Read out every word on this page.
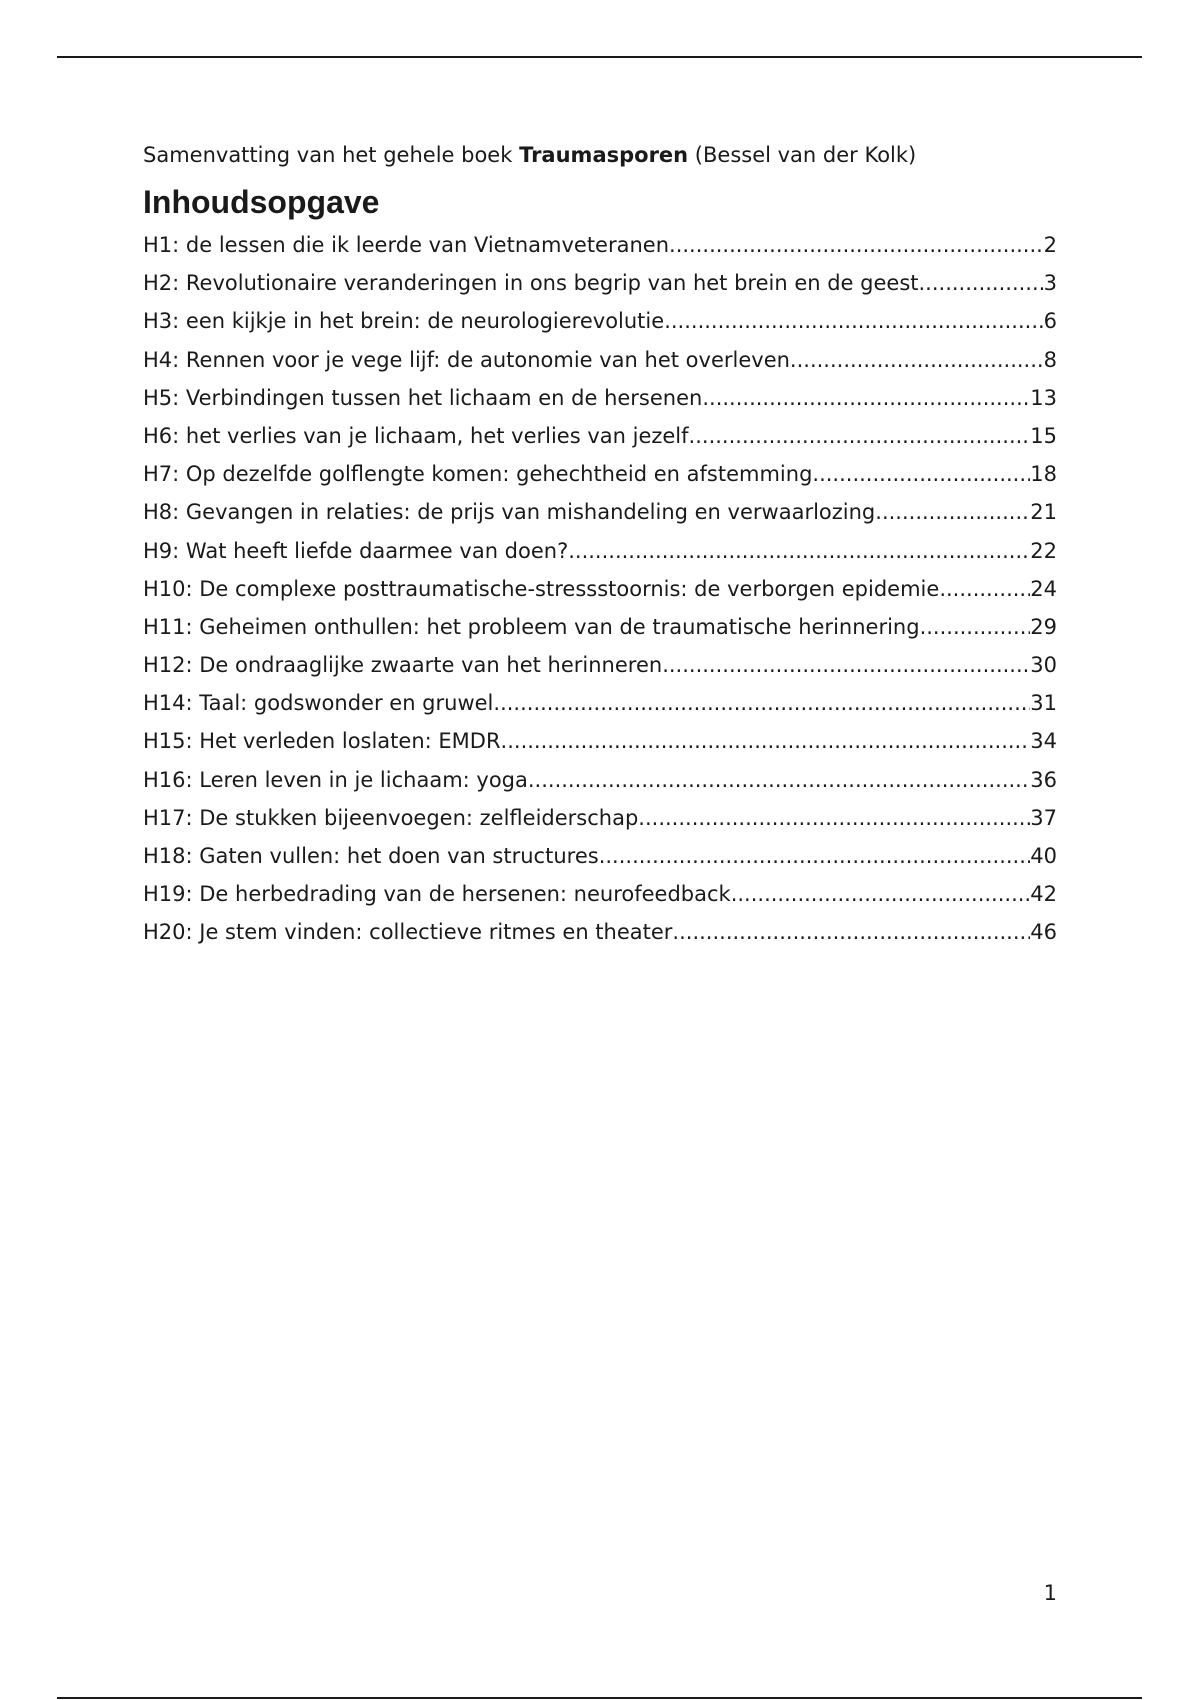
Samenvatting van het gehele boek Traumasporen (Bessel van der Kolk)

Inhoudsopgave
H1: de lessen die ik leerde van Vietnamveteranen .....	2
H2: Revolutionaire veranderingen in ons begrip van het brein en de geest .....	3
H3: een kijkje in het brein: de neurologierevolutie .....	6
H4: Rennen voor je vege lijf: de autonomie van het overleven .....	8
H5: Verbindingen tussen het lichaam en de hersenen .....	13
H6: het verlies van je lichaam, het verlies van jezelf .....	15
H7: Op dezelfde golflengte komen: gehechtheid en afstemming .....	18
H8: Gevangen in relaties: de prijs van mishandeling en verwaarlozing .....	21
H9: Wat heeft liefde daarmee van doen? .....	22
H10: De complexe posttraumatische-stressstoornis: de verborgen epidemie .....	24
H11: Geheimen onthullen: het probleem van de traumatische herinnering .....	29
H12: De ondraaglijke zwaarte van het herinneren .....	30
H14: Taal: godswonder en gruwel .....	31
H15: Het verleden loslaten: EMDR .....	34
H16: Leren leven in je lichaam: yoga .....	36
H17: De stukken bijeenvoegen: zelfleiderschap .....	37
H18: Gaten vullen: het doen van structures .....	40
H19: De herbedrading van de hersenen: neurofeedback .....	42
H20: Je stem vinden: collectieve ritmes en theater .....	46
1
